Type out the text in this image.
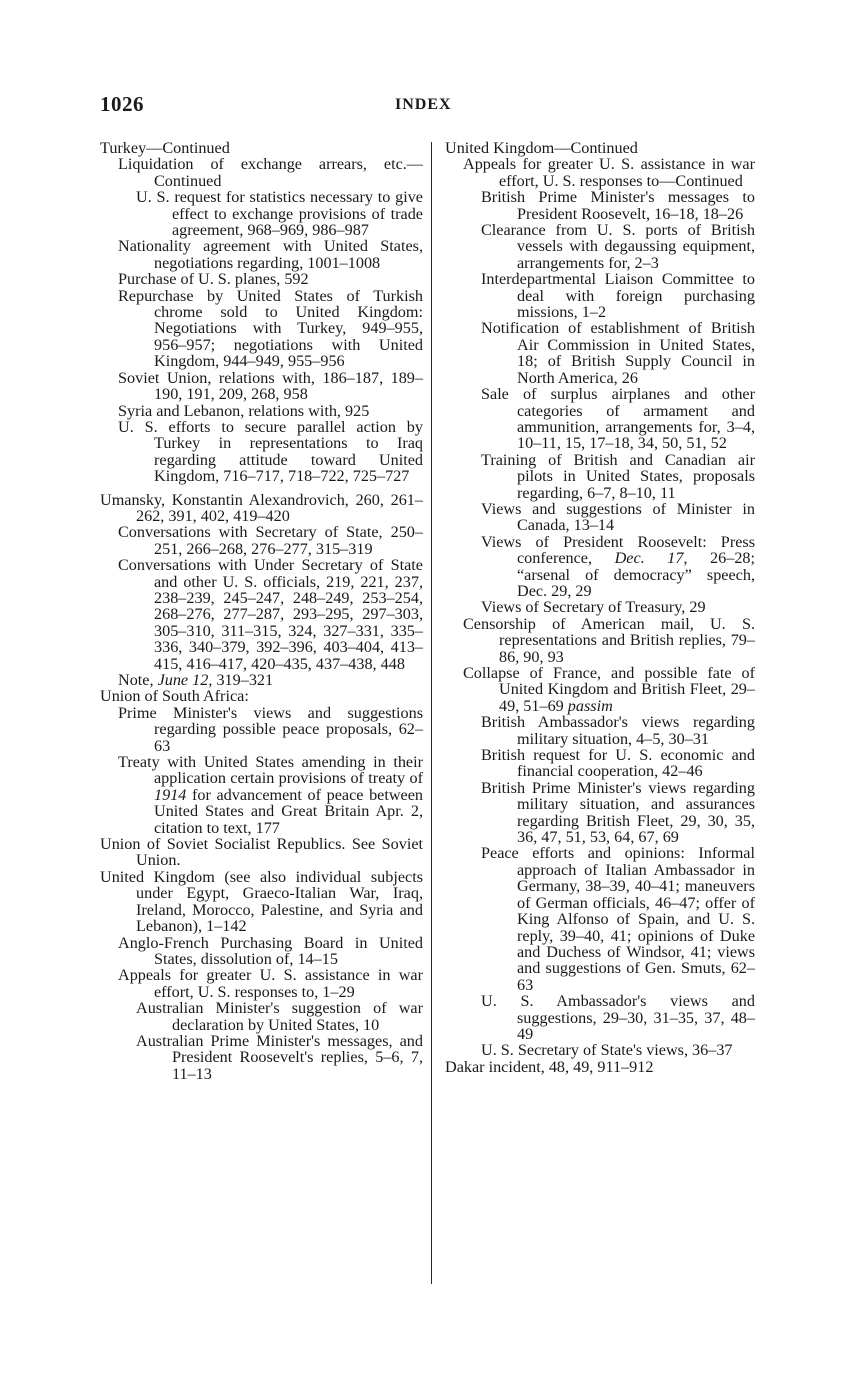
1026	INDEX
Turkey—Continued
Liquidation of exchange arrears, etc.—Continued
U. S. request for statistics necessary to give effect to exchange provisions of trade agreement, 968–969, 986–987
Nationality agreement with United States, negotiations regarding, 1001–1008
Purchase of U. S. planes, 592
Repurchase by United States of Turkish chrome sold to United Kingdom: Negotiations with Turkey, 949–955, 956–957; negotiations with United Kingdom, 944–949, 955–956
Soviet Union, relations with, 186–187, 189–190, 191, 209, 268, 958
Syria and Lebanon, relations with, 925
U. S. efforts to secure parallel action by Turkey in representations to Iraq regarding attitude toward United Kingdom, 716–717, 718–722, 725–727
Umansky, Konstantin Alexandrovich, 260, 261–262, 391, 402, 419–420
Conversations with Secretary of State, 250–251, 266–268, 276–277, 315–319
Conversations with Under Secretary of State and other U. S. officials, 219, 221, 237, 238–239, 245–247, 248–249, 253–254, 268–276, 277–287, 293–295, 297–303, 305–310, 311–315, 324, 327–331, 335–336, 340–379, 392–396, 403–404, 413–415, 416–417, 420–435, 437–438, 448
Note, June 12, 319–321
Union of South Africa:
Prime Minister's views and suggestions regarding possible peace proposals, 62–63
Treaty with United States amending in their application certain provisions of treaty of 1914 for advancement of peace between United States and Great Britain Apr. 2, citation to text, 177
Union of Soviet Socialist Republics. See Soviet Union.
United Kingdom (see also individual subjects under Egypt, Graeco-Italian War, Iraq, Ireland, Morocco, Palestine, and Syria and Lebanon), 1–142
Anglo-French Purchasing Board in United States, dissolution of, 14–15
Appeals for greater U. S. assistance in war effort, U. S. responses to, 1–29
Australian Minister's suggestion of war declaration by United States, 10
Australian Prime Minister's messages, and President Roosevelt's replies, 5–6, 7, 11–13
United Kingdom—Continued
Appeals for greater U. S. assistance in war effort, U. S. responses to—Continued
British Prime Minister's messages to President Roosevelt, 16–18, 18–26
Clearance from U. S. ports of British vessels with degaussing equipment, arrangements for, 2–3
Interdepartmental Liaison Committee to deal with foreign purchasing missions, 1–2
Notification of establishment of British Air Commission in United States, 18; of British Supply Council in North America, 26
Sale of surplus airplanes and other categories of armament and ammunition, arrangements for, 3–4, 10–11, 15, 17–18, 34, 50, 51, 52
Training of British and Canadian air pilots in United States, proposals regarding, 6–7, 8–10, 11
Views and suggestions of Minister in Canada, 13–14
Views of President Roosevelt: Press conference, Dec. 17, 26–28; “arsenal of democracy” speech, Dec. 29, 29
Views of Secretary of Treasury, 29
Censorship of American mail, U. S. representations and British replies, 79–86, 90, 93
Collapse of France, and possible fate of United Kingdom and British Fleet, 29–49, 51–69 passim
British Ambassador's views regarding military situation, 4–5, 30–31
British request for U. S. economic and financial cooperation, 42–46
British Prime Minister's views regarding military situation, and assurances regarding British Fleet, 29, 30, 35, 36, 47, 51, 53, 64, 67, 69
Peace efforts and opinions: Informal approach of Italian Ambassador in Germany, 38–39, 40–41; maneuvers of German officials, 46–47; offer of King Alfonso of Spain, and U. S. reply, 39–40, 41; opinions of Duke and Duchess of Windsor, 41; views and suggestions of Gen. Smuts, 62–63
U. S. Ambassador's views and suggestions, 29–30, 31–35, 37, 48–49
U. S. Secretary of State's views, 36–37
Dakar incident, 48, 49, 911–912
